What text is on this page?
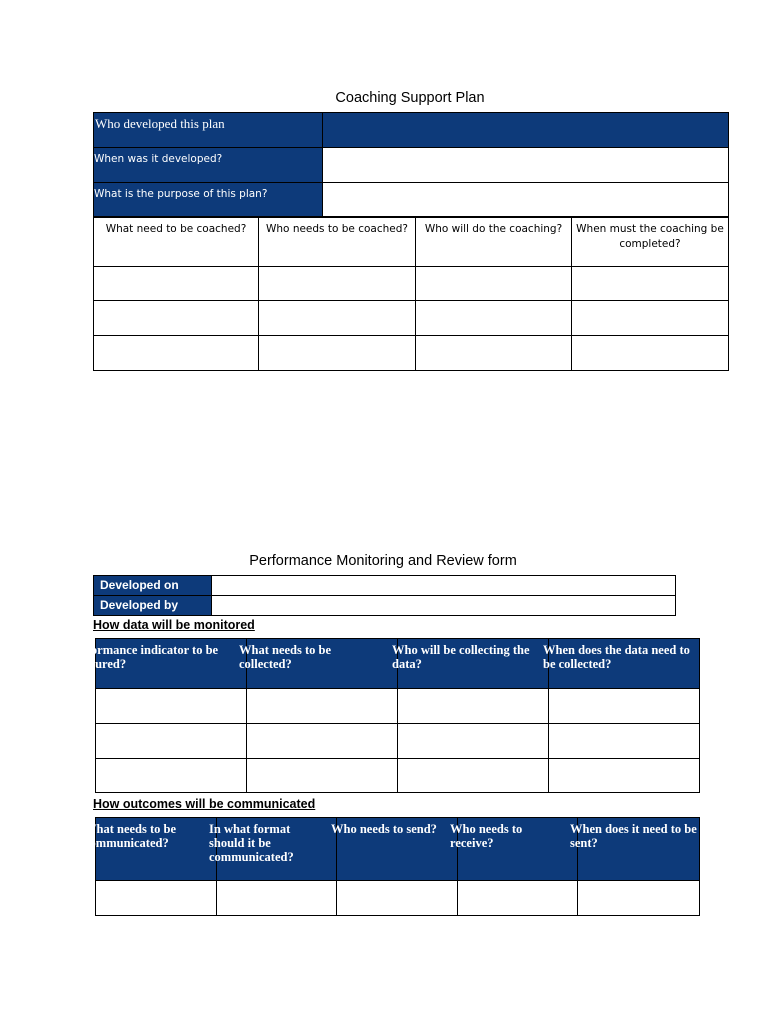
Coaching Support Plan
Who developed this plan	

When was it developed?	

What is the purpose of this plan?	

What need to be coached?	Who needs to be coached?	Who will do the coaching?	When must the coaching be completed?

Performance Monitoring and Review form
Developed on	

Developed by	

How data will be monitored
Performance indicator to be measured?	What needs to be collected?	Who will be collecting the data?	When does the data need to be collected?

How outcomes will be communicated
What needs to be communicated?	In what format should it be communicated?	Who needs to send?	Who needs to receive?	When does it need to be sent?
